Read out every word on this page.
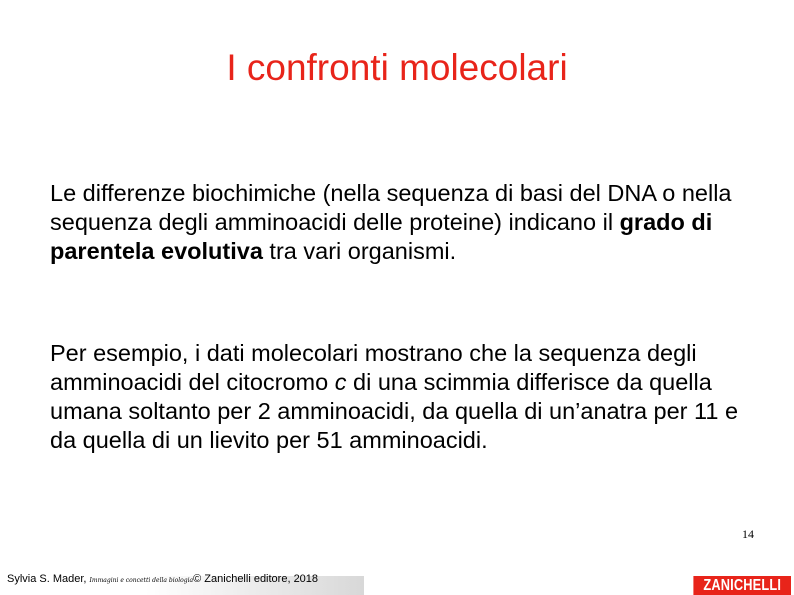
I confronti molecolari

Le differenze biochimiche (nella sequenza di basi del DNA o nella sequenza degli amminoacidi delle proteine) indicano il grado di parentela evolutiva tra vari organismi.

Per esempio, i dati molecolari mostrano che la sequenza degli amminoacidi del citocromo c di una scimmia differisce da quella umana soltanto per 2 amminoacidi, da quella di un’anatra per 11 e da quella di un lievito per 51 amminoacidi.

14
Sylvia S. Mader, Immagini e concetti della biologia© Zanichelli editore, 2018	ZANICHELLI
